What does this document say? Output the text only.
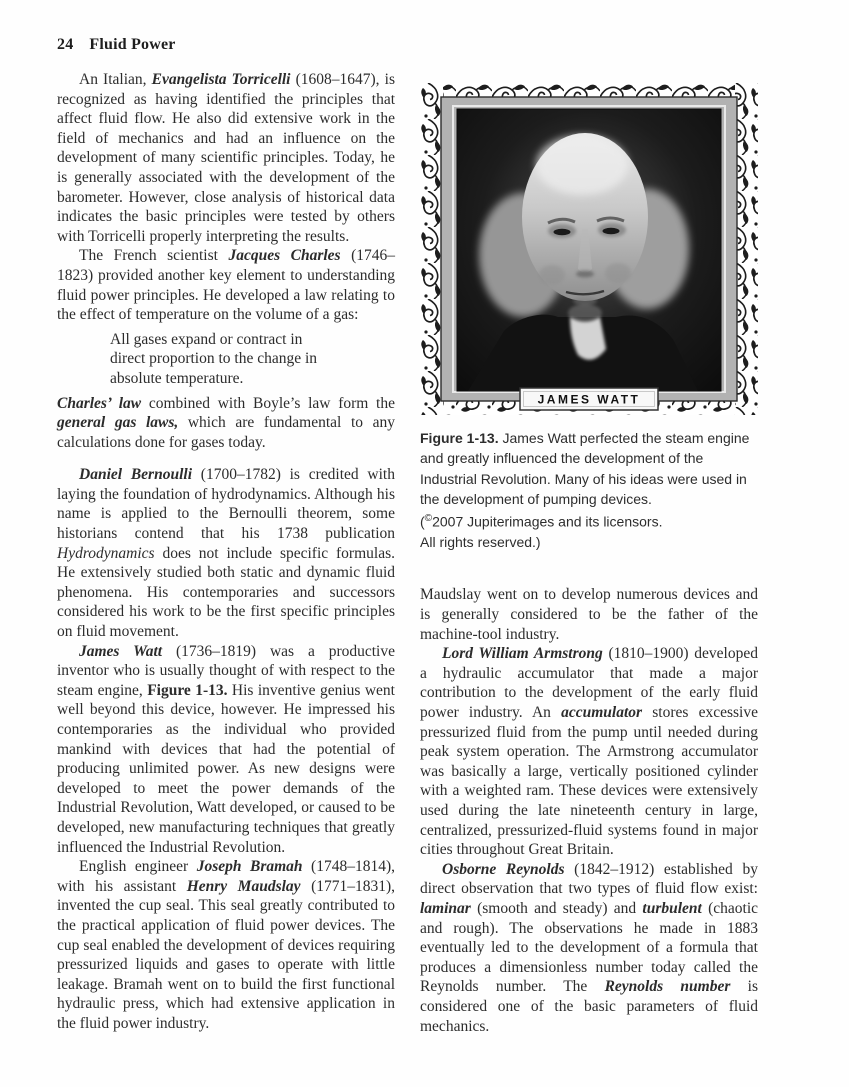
24 Fluid Power

An Italian, Evangelista Torricelli (1608–1647), is recognized as having identified the principles that affect fluid flow. He also did extensive work in the field of mechanics and had an influence on the development of many scientific principles. Today, he is generally associated with the development of the barometer. However, close analysis of historical data indicates the basic principles were tested by others with Torricelli properly interpreting the results.

The French scientist Jacques Charles (1746–1823) provided another key element to understanding fluid power principles. He developed a law relating to the effect of temperature on the volume of a gas:

All gases expand or contract in
direct proportion to the change in
absolute temperature.

Charles’ law combined with Boyle’s law form the general gas laws, which are fundamental to any calculations done for gases today.

Daniel Bernoulli (1700–1782) is credited with laying the foundation of hydrodynamics. Although his name is applied to the Bernoulli theorem, some historians contend that his 1738 publication Hydrodynamics does not include specific formulas. He extensively studied both static and dynamic fluid phenomena. His contemporaries and successors considered his work to be the first specific principles on fluid movement.

James Watt (1736–1819) was a productive inventor who is usually thought of with respect to the steam engine, Figure 1-13. His inventive genius went well beyond this device, however. He impressed his contemporaries as the individual who provided mankind with devices that had the potential of producing unlimited power. As new designs were developed to meet the power demands of the Industrial Revolution, Watt developed, or caused to be developed, new manufacturing techniques that greatly influenced the Industrial Revolution.

English engineer Joseph Bramah (1748–1814), with his assistant Henry Maudslay (1771–1831), invented the cup seal. This seal greatly contributed to the practical application of fluid power devices. The cup seal enabled the development of devices requiring pressurized liquids and gases to operate with little leakage. Bramah went on to build the first functional hydraulic press, which had extensive application in the fluid power industry.

JAMES WATT
Figure 1-13. James Watt perfected the steam engine and greatly influenced the development of the Industrial Revolution. Many of his ideas were used in the development of pumping devices.
(©2007 Jupiterimages and its licensors.
All rights reserved.)

Maudslay went on to develop numerous devices and is generally considered to be the father of the machine-tool industry.

Lord William Armstrong (1810–1900) developed a hydraulic accumulator that made a major contribution to the development of the early fluid power industry. An accumulator stores excessive pressurized fluid from the pump until needed during peak system operation. The Armstrong accumulator was basically a large, vertically positioned cylinder with a weighted ram. These devices were extensively used during the late nineteenth century in large, centralized, pressurized-fluid systems found in major cities throughout Great Britain.

Osborne Reynolds (1842–1912) established by direct observation that two types of fluid flow exist: laminar (smooth and steady) and turbulent (chaotic and rough). The observations he made in 1883 eventually led to the development of a formula that produces a dimensionless number today called the Reynolds number. The Reynolds number is considered one of the basic parameters of fluid mechanics.
